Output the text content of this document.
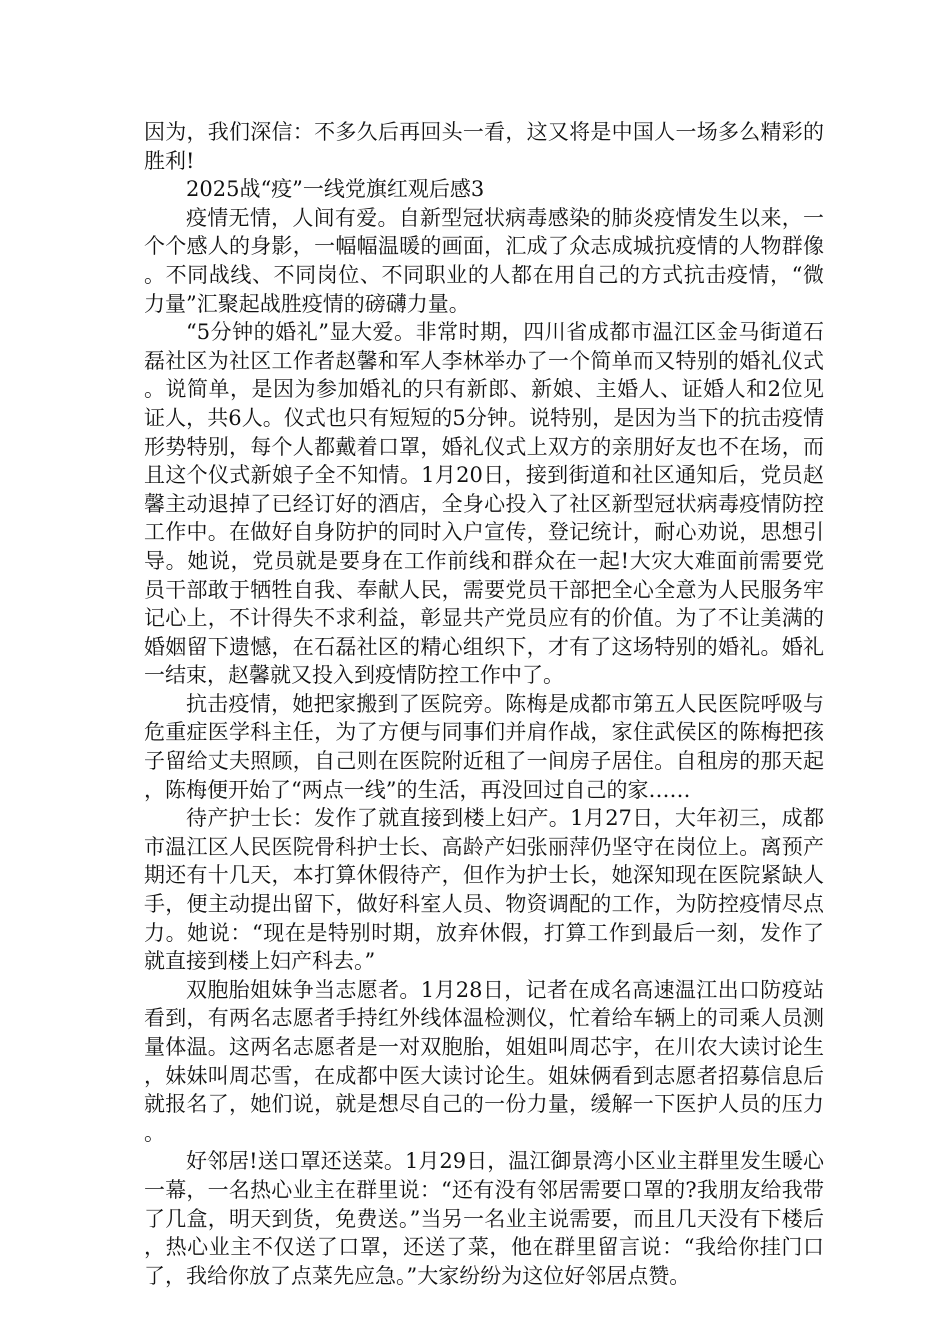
因为，我们深信：不多久后再回头一看，这又将是中国人一场多么精彩的胜利!

2025战“疫”一线党旗红观后感3

疫情无情，人间有爱。自新型冠状病毒感染的肺炎疫情发生以来，一个个感人的身影，一幅幅温暖的画面，汇成了众志成城抗疫情的人物群像。不同战线、不同岗位、不同职业的人都在用自己的方式抗击疫情，“微力量”汇聚起战胜疫情的磅礴力量。

“5分钟的婚礼”显大爱。非常时期，四川省成都市温江区金马街道石磊社区为社区工作者赵馨和军人李林举办了一个简单而又特别的婚礼仪式。说简单，是因为参加婚礼的只有新郎、新娘、主婚人、证婚人和2位见证人，共6人。仪式也只有短短的5分钟。说特别，是因为当下的抗击疫情形势特别，每个人都戴着口罩，婚礼仪式上双方的亲朋好友也不在场，而且这个仪式新娘子全不知情。1月20日，接到街道和社区通知后，党员赵馨主动退掉了已经订好的酒店，全身心投入了社区新型冠状病毒疫情防控工作中。在做好自身防护的同时入户宣传，登记统计，耐心劝说，思想引导。她说，党员就是要身在工作前线和群众在一起!大灾大难面前需要党员干部敢于牺牲自我、奉献人民，需要党员干部把全心全意为人民服务牢记心上，不计得失不求利益，彰显共产党员应有的价值。为了不让美满的婚姻留下遗憾，在石磊社区的精心组织下，才有了这场特别的婚礼。婚礼一结束，赵馨就又投入到疫情防控工作中了。

抗击疫情，她把家搬到了医院旁。陈梅是成都市第五人民医院呼吸与危重症医学科主任，为了方便与同事们并肩作战，家住武侯区的陈梅把孩子留给丈夫照顾，自己则在医院附近租了一间房子居住。自租房的那天起，陈梅便开始了“两点一线”的生活，再没回过自己的家……

待产护士长：发作了就直接到楼上妇产。1月27日，大年初三，成都市温江区人民医院骨科护士长、高龄产妇张丽萍仍坚守在岗位上。离预产期还有十几天，本打算休假待产，但作为护士长，她深知现在医院紧缺人手，便主动提出留下，做好科室人员、物资调配的工作，为防控疫情尽点力。她说：“现在是特别时期，放弃休假，打算工作到最后一刻，发作了就直接到楼上妇产科去。”

双胞胎姐妹争当志愿者。1月28日，记者在成名高速温江出口防疫站看到，有两名志愿者手持红外线体温检测仪，忙着给车辆上的司乘人员测量体温。这两名志愿者是一对双胞胎，姐姐叫周芯宇，在川农大读讨论生，妹妹叫周芯雪，在成都中医大读讨论生。姐妹俩看到志愿者招募信息后就报名了，她们说，就是想尽自己的一份力量，缓解一下医护人员的压力。

好邻居!送口罩还送菜。1月29日，温江御景湾小区业主群里发生暖心一幕，一名热心业主在群里说：“还有没有邻居需要口罩的?我朋友给我带了几盒，明天到货，免费送。”当另一名业主说需要，而且几天没有下楼后，热心业主不仅送了口罩，还送了菜，他在群里留言说：“我给你挂门口了，我给你放了点菜先应急。”大家纷纷为这位好邻居点赞。
